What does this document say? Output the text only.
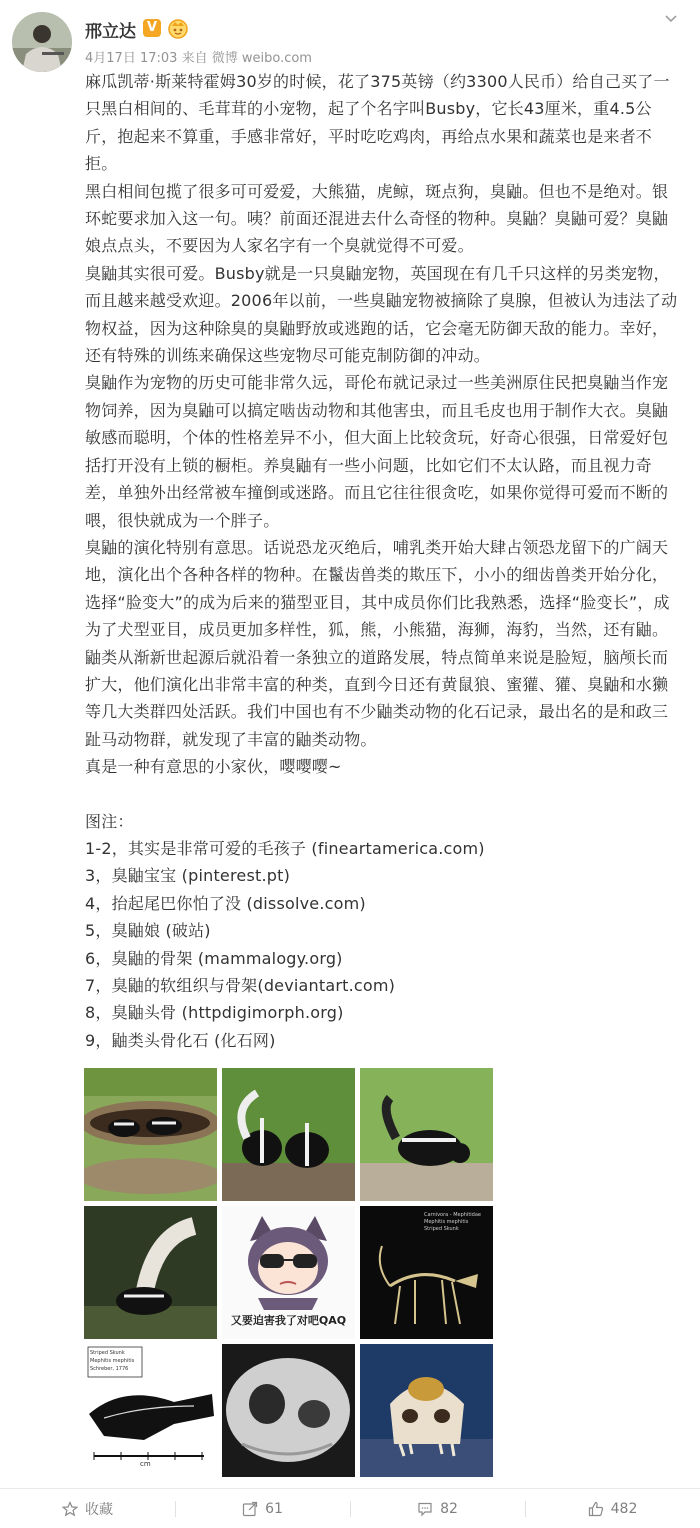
邢立达 V
4月17日 17:03 来自 微博 weibo.com

麻瓜凯蒂·斯莱特霍姆30岁的时候，花了375英镑（约3300人民币）给自己买了一只黑白相间的、毛茸茸的小宠物，起了个名字叫Busby，它长43厘米，重4.5公斤，抱起来不算重，手感非常好，平时吃吃鸡肉，再给点水果和蔬菜也是来者不拒。

黑白相间包揽了很多可可爱爱，大熊猫，虎鲸，斑点狗，臭鼬。但也不是绝对。银环蛇要求加入这一句。咦？前面还混进去什么奇怪的物种。臭鼬？臭鼬可爱？臭鼬娘点点头，不要因为人家名字有一个臭就觉得不可爱。

臭鼬其实很可爱。Busby就是一只臭鼬宠物，英国现在有几千只这样的另类宠物，而且越来越受欢迎。2006年以前，一些臭鼬宠物被摘除了臭腺，但被认为违法了动物权益，因为这种除臭的臭鼬野放或逃跑的话，它会毫无防御天敌的能力。幸好，还有特殊的训练来确保这些宠物尽可能克制防御的冲动。

臭鼬作为宠物的历史可能非常久远，哥伦布就记录过一些美洲原住民把臭鼬当作宠物饲养，因为臭鼬可以搞定啮齿动物和其他害虫，而且毛皮也用于制作大衣。臭鼬敏感而聪明，个体的性格差异不小，但大面上比较贪玩，好奇心很强，日常爱好包括打开没有上锁的橱柜。养臭鼬有一些小问题，比如它们不太认路，而且视力奇差，单独外出经常被车撞倒或迷路。而且它往往很贪吃，如果你觉得可爱而不断的喂，很快就成为一个胖子。

臭鼬的演化特别有意思。话说恐龙灭绝后，哺乳类开始大肆占领恐龙留下的广阔天地，演化出个各种各样的物种。在鬣齿兽类的欺压下，小小的细齿兽类开始分化，选择“脸变大”的成为后来的猫型亚目，其中成员你们比我熟悉，选择“脸变长”，成为了犬型亚目，成员更加多样性，狐，熊，小熊猫，海狮，海豹，当然，还有鼬。鼬类从渐新世起源后就沿着一条独立的道路发展，特点简单来说是脸短，脑颅长而扩大，他们演化出非常丰富的种类，直到今日还有黄鼠狼、蜜獾、獾、臭鼬和水獭等几大类群四处活跃。我们中国也有不少鼬类动物的化石记录，最出名的是和政三趾马动物群，就发现了丰富的鼬类动物。

真是一种有意思的小家伙，嘤嘤嘤~

图注：

1-2，其实是非常可爱的毛孩子 (fineartamerica.com)

3，臭鼬宝宝 (pinterest.pt)

4，抬起尾巴你怕了没 (dissolve.com)

5，臭鼬娘 (破站)

6，臭鼬的骨架 (mammalogy.org)

7，臭鼬的软组织与骨架(deviantart.com)

8，臭鼬头骨 (httpdigimorph.org)

9，鼬类头骨化石 (化石网)

又要迫害我了对吧QAQ
Carnivora - Mephitidae
Mephitis mephitis
Striped Skunk
Striped Skunk
Mephitis mephitis
Schreber, 1776
cm
收藏	61	82	482
